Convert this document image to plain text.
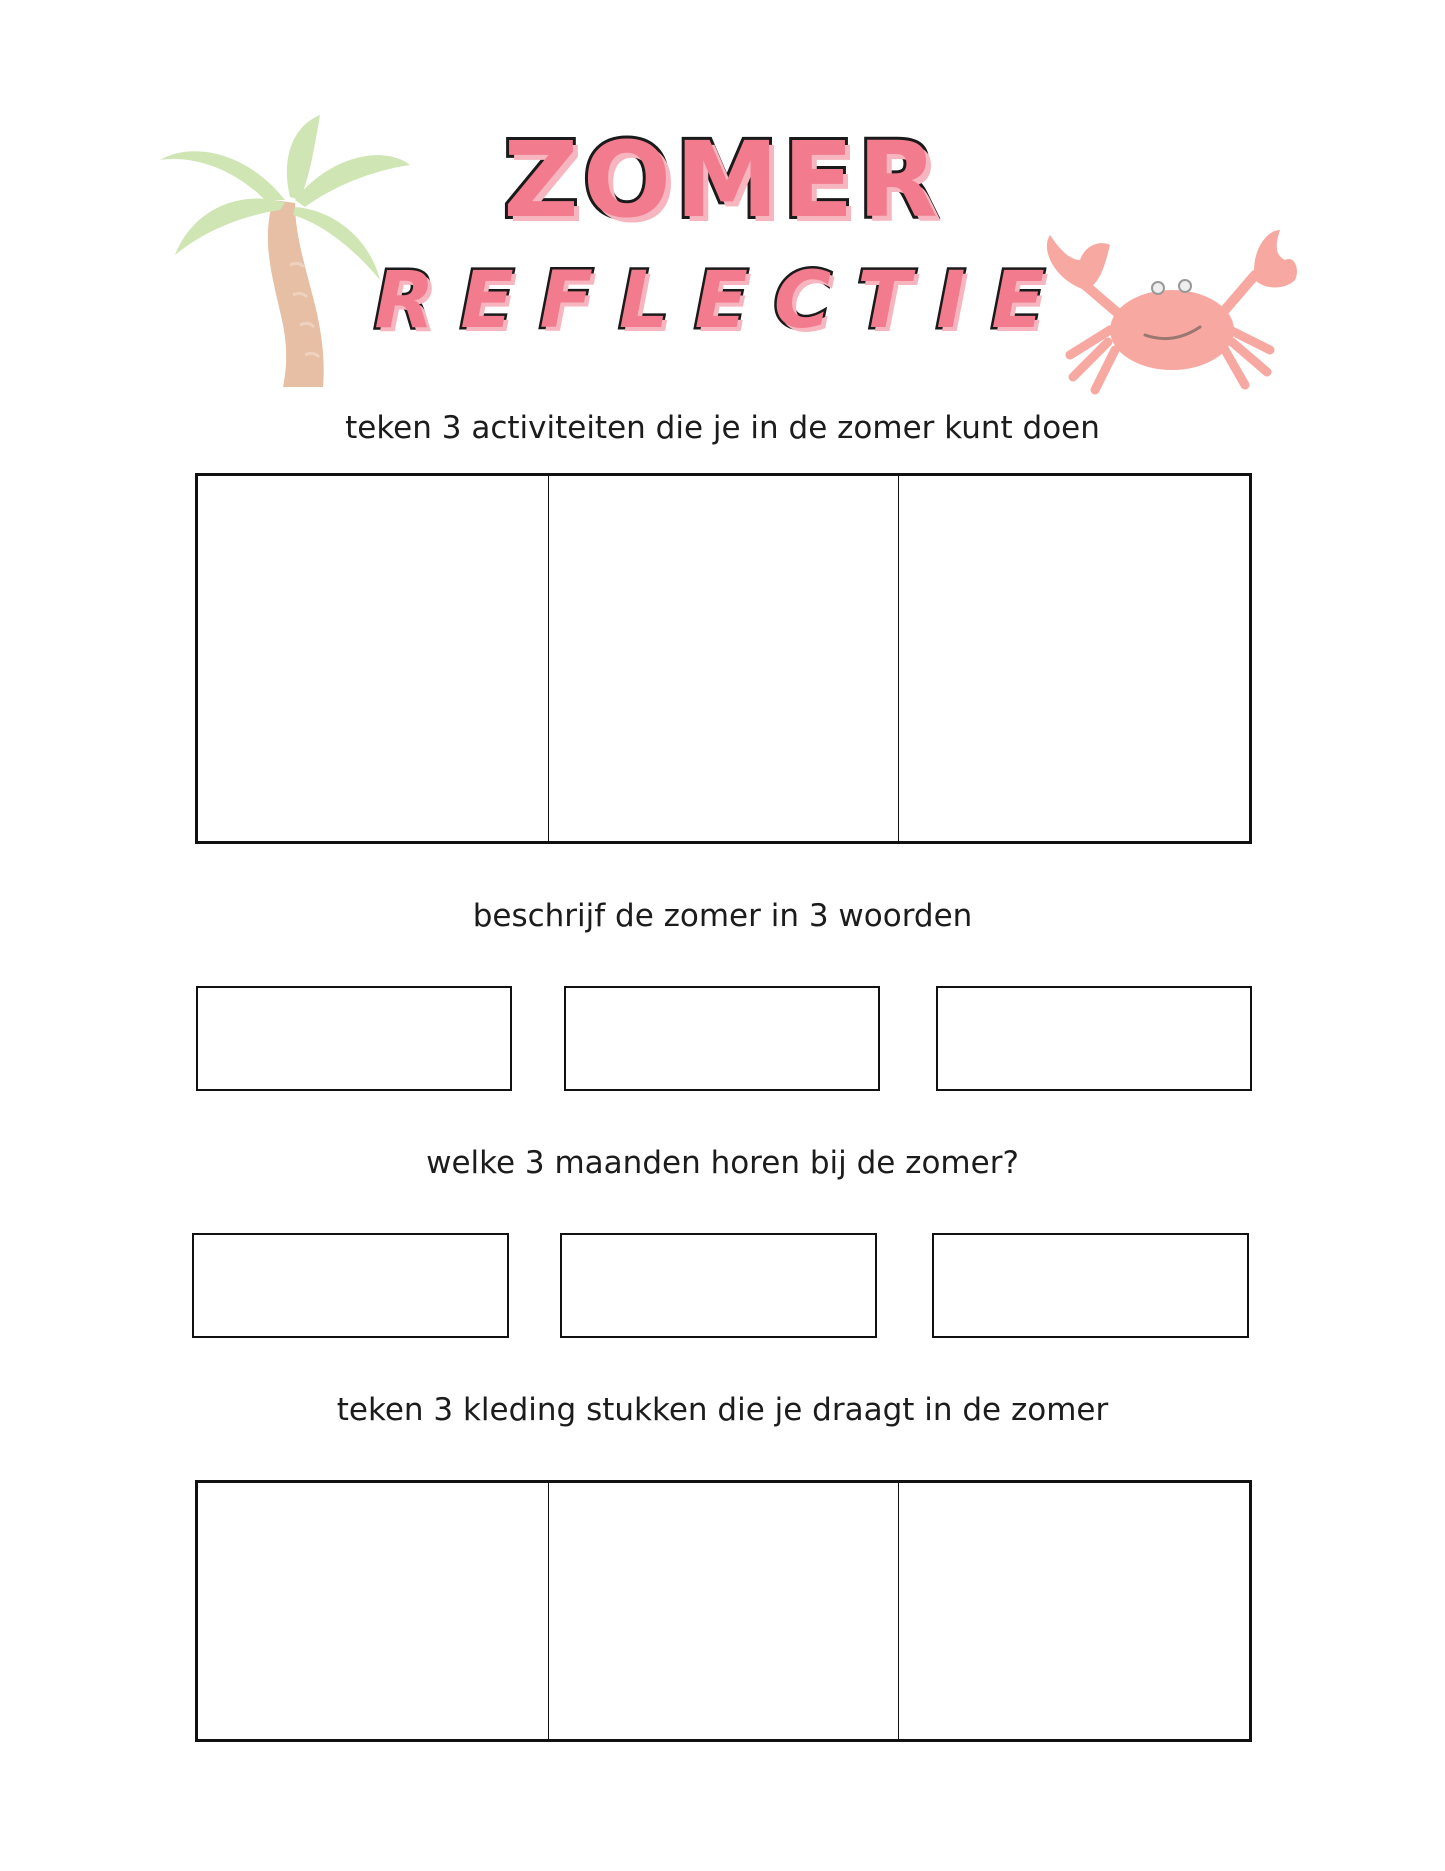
ZOMER
REFLECTIE
teken 3 activiteiten die je in de zomer kunt doen
beschrijf de zomer in 3 woorden
welke 3 maanden horen bij de zomer?
teken 3 kleding stukken die je draagt in de zomer
